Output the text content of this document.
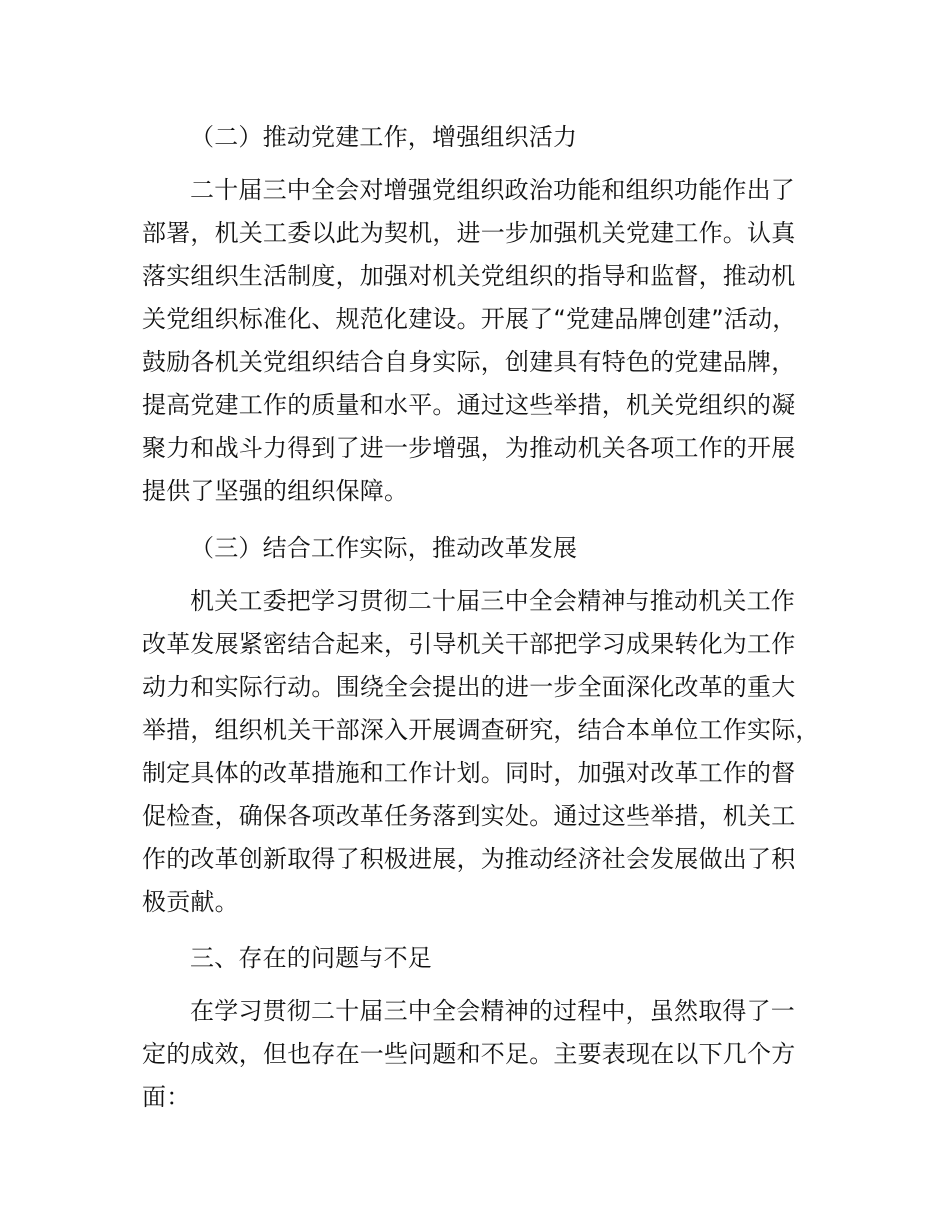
（二）推动党建工作，增强组织活力
二十届三中全会对增强党组织政治功能和组织功能作出了
部署，机关工委以此为契机，进一步加强机关党建工作。认真
落实组织生活制度，加强对机关党组织的指导和监督，推动机
关党组织标准化、规范化建设。开展了“党建品牌创建”活动，
鼓励各机关党组织结合自身实际，创建具有特色的党建品牌，
提高党建工作的质量和水平。通过这些举措，机关党组织的凝
聚力和战斗力得到了进一步增强，为推动机关各项工作的开展
提供了坚强的组织保障。
（三）结合工作实际，推动改革发展
机关工委把学习贯彻二十届三中全会精神与推动机关工作
改革发展紧密结合起来，引导机关干部把学习成果转化为工作
动力和实际行动。围绕全会提出的进一步全面深化改革的重大
举措，组织机关干部深入开展调查研究，结合本单位工作实际，
制定具体的改革措施和工作计划。同时，加强对改革工作的督
促检查，确保各项改革任务落到实处。通过这些举措，机关工
作的改革创新取得了积极进展，为推动经济社会发展做出了积
极贡献。
三、存在的问题与不足
在学习贯彻二十届三中全会精神的过程中，虽然取得了一
定的成效，但也存在一些问题和不足。主要表现在以下几个方
面：
